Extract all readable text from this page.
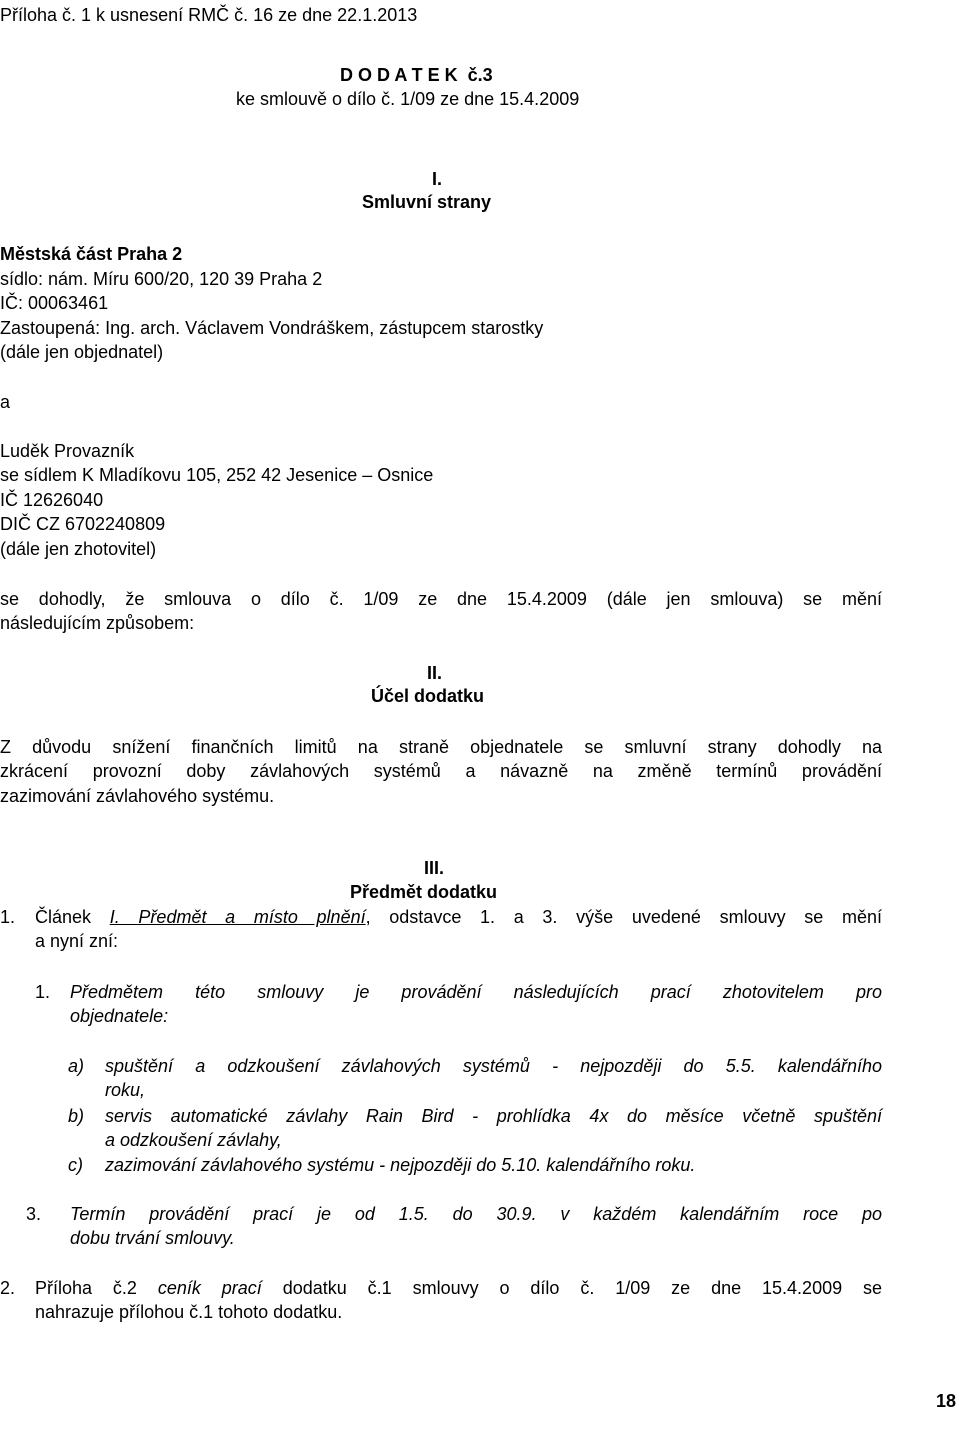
Příloha č. 1 k usnesení RMČ č. 16 ze dne 22.1.2013

D O D A T E K  č.3

ke smlouvě o dílo č. 1/09 ze dne 15.4.2009

I.

Smluvní strany

Městská část Praha 2

sídlo: nám. Míru 600/20, 120 39 Praha 2

IČ: 00063461

Zastoupená: Ing. arch. Václavem Vondráškem, zástupcem starostky

(dále jen objednatel)

a

Luděk Provazník

se sídlem K Mladíkovu 105, 252 42 Jesenice – Osnice

IČ 12626040

DIČ CZ 6702240809

(dále jen zhotovitel)

se dohodly, že smlouva o dílo č. 1/09 ze dne 15.4.2009 (dále jen smlouva) se mění

následujícím způsobem:

II.

Účel dodatku

Z důvodu snížení finančních limitů na straně objednatele se smluvní strany dohodly na

zkrácení provozní doby závlahových systémů a návazně na změně termínů provádění

zazimování závlahového systému.

III.

Předmět dodatku

1. Článek I. Předmět a místo plnění, odstavce 1. a 3. výše uvedené smlouvy se mění

a nyní zní:

1. Předmětem této smlouvy je provádění následujících prací zhotovitelem pro

objednatele:

a) spuštění a odzkoušení závlahových systémů - nejpozději do 5.5. kalendářního

roku,

b) servis automatické závlahy Rain Bird - prohlídka 4x do měsíce včetně spuštění

a odzkoušení závlahy,

c) zazimování závlahového systému - nejpozději do 5.10. kalendářního roku.

3. Termín provádění prací je od 1.5. do 30.9. v každém kalendářním roce po

dobu trvání smlouvy.

2. Příloha č.2 ceník prací dodatku č.1 smlouvy o dílo č. 1/09 ze dne 15.4.2009 se

nahrazuje přílohou č.1 tohoto dodatku.

18
